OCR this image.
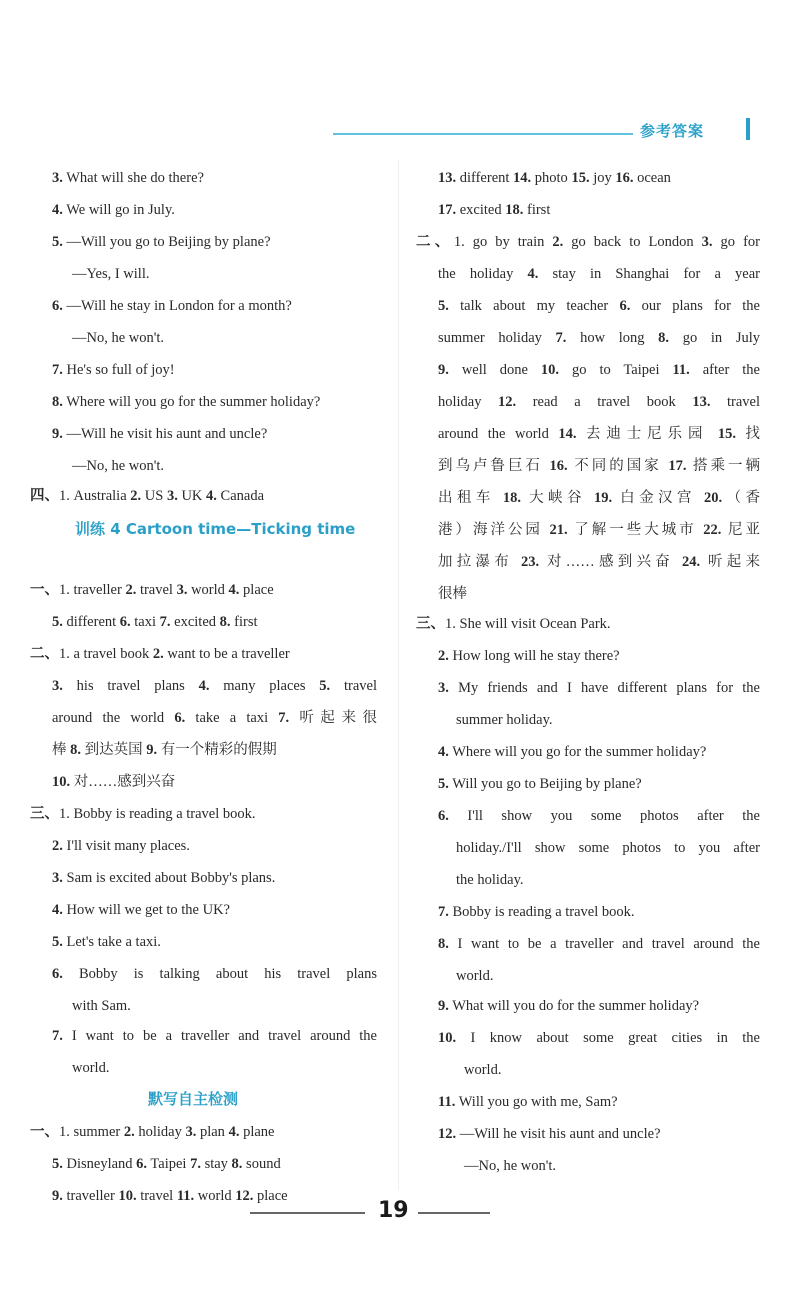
参考答案
3. What will she do there?
4. We will go in July.
5. —Will you go to Beijing by plane?
—Yes, I will.
6. —Will he stay in London for a month?
—No, he won't.
7. He's so full of joy!
8. Where will you go for the summer holiday?
9. —Will he visit his aunt and uncle?
—No, he won't.
四、1. Australia 2. US 3. UK 4. Canada
一、1. traveller 2. travel 3. world 4. place
5. different 6. taxi 7. excited 8. first
二、1. a travel book 2. want to be a traveller
3. his travel plans 4. many places 5. travel
around the world 6. take a taxi 7. 听起来很
棒 8. 到达英国 9. 有一个精彩的假期
10. 对……感到兴奋
三、1. Bobby is reading a travel book.
2. I'll visit many places.
3. Sam is excited about Bobby's plans.
4. How will we get to the UK?
5. Let's take a taxi.
6. Bobby is talking about his travel plans
with Sam.
7. I want to be a traveller and travel around the
world.
一、1. summer 2. holiday 3. plan 4. plane
5. Disneyland 6. Taipei 7. stay 8. sound
9. traveller 10. travel 11. world 12. place
训练 4 Cartoon time—Ticking time
默写自主检测
13. different 14. photo 15. joy 16. ocean
17. excited 18. first
二、1. go by train 2. go back to London 3. go for
the holiday 4. stay in Shanghai for a year
5. talk about my teacher 6. our plans for the
summer holiday 7. how long 8. go in July
9. well done 10. go to Taipei 11. after the
holiday 12. read a travel book 13. travel
around the world 14. 去迪士尼乐园 15. 找
到乌卢鲁巨石 16. 不同的国家 17. 搭乘一辆
出租车 18. 大峡谷 19. 白金汉宫 20.（香
港）海洋公园 21. 了解一些大城市 22. 尼亚
加拉瀑布 23. 对……感到兴奋 24. 听起来
很棒
三、1. She will visit Ocean Park.
2. How long will he stay there?
3. My friends and I have different plans for the
summer holiday.
4. Where will you go for the summer holiday?
5. Will you go to Beijing by plane?
6. I'll show you some photos after the
holiday./I'll show some photos to you after
the holiday.
7. Bobby is reading a travel book.
8. I want to be a traveller and travel around the
world.
9. What will you do for the summer holiday?
10. I know about some great cities in the
world.
11. Will you go with me, Sam?
12. —Will he visit his aunt and uncle?
—No, he won't.
19
